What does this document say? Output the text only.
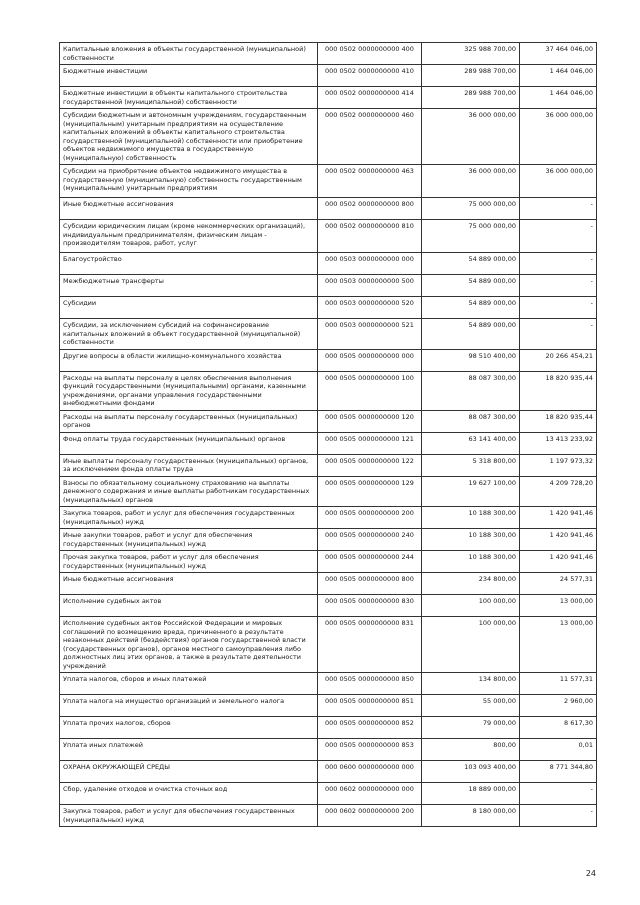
Капитальные вложения в объекты государственной (муниципальной) собственности	000 0502 0000000000 400	325 988 700,00	37 464 046,00
Бюджетные инвестиции	000 0502 0000000000 410	289 988 700,00	1 464 046,00
Бюджетные инвестиции в объекты капитального строительства государственной (муниципальной) собственности	000 0502 0000000000 414	289 988 700,00	1 464 046,00
Субсидии бюджетным и автономным учреждениям, государственным (муниципальным) унитарным предприятиям на осуществление капитальных вложений в объекты капитального строительства государственной (муниципальной) собственности или приобретение объектов недвижимого имущества в государственную (муниципальную) собственность	000 0502 0000000000 460	36 000 000,00	36 000 000,00
Субсидии на приобретение объектов недвижимого имущества в государственную (муниципальную) собственность государственным (муниципальным) унитарным предприятиям	000 0502 0000000000 463	36 000 000,00	36 000 000,00
Иные бюджетные ассигнования	000 0502 0000000000 800	75 000 000,00	-
Субсидии юридическим лицам (кроме некоммерческих организаций), индивидуальным предпринимателям, физическим лицам - производителям товаров, работ, услуг	000 0502 0000000000 810	75 000 000,00	-
Благоустройство	000 0503 0000000000 000	54 889 000,00	-
Межбюджетные трансферты	000 0503 0000000000 500	54 889 000,00	-
Субсидии	000 0503 0000000000 520	54 889 000,00	-
Субсидии, за исключением субсидий на софинансирование капитальных вложений в объект государственной (муниципальной) собственности	000 0503 0000000000 521	54 889 000,00	-
Другие вопросы в области жилищно-коммунального хозяйства	000 0505 0000000000 000	98 510 400,00	20 266 454,21
Расходы на выплаты персоналу в целях обеспечения выполнения функций государственными (муниципальными) органами, казенными учреждениями, органами управления государственными внебюджетными фондами	000 0505 0000000000 100	88 087 300,00	18 820 935,44
Расходы на выплаты персоналу государственных (муниципальных) органов	000 0505 0000000000 120	88 087 300,00	18 820 935,44
Фонд оплаты труда государственных (муниципальных) органов	000 0505 0000000000 121	63 141 400,00	13 413 233,92
Иные выплаты персоналу государственных (муниципальных) органов, за исключением фонда оплаты труда	000 0505 0000000000 122	5 318 800,00	1 197 973,32
Взносы по обязательному социальному страхованию на выплаты денежного содержания и иные выплаты работникам государственных (муниципальных) органов	000 0505 0000000000 129	19 627 100,00	4 209 728,20
Закупка товаров, работ и услуг для обеспечения государственных (муниципальных) нужд	000 0505 0000000000 200	10 188 300,00	1 420 941,46
Иные закупки товаров, работ и услуг для обеспечения государственных (муниципальных) нужд	000 0505 0000000000 240	10 188 300,00	1 420 941,46
Прочая закупка товаров, работ и услуг для обеспечения государственных (муниципальных) нужд	000 0505 0000000000 244	10 188 300,00	1 420 941,46
Иные бюджетные ассигнования	000 0505 0000000000 800	234 800,00	24 577,31
Исполнение судебных актов	000 0505 0000000000 830	100 000,00	13 000,00
Исполнение судебных актов Российской Федерации и мировых соглашений по возмещению вреда, причиненного в результате незаконных действий (бездействия) органов государственной власти (государственных органов), органов местного самоуправления либо должностных лиц этих органов, а также в результате деятельности учреждений	000 0505 0000000000 831	100 000,00	13 000,00
Уплата налогов, сборов и иных платежей	000 0505 0000000000 850	134 800,00	11 577,31
Уплата налога на имущество организаций и земельного налога	000 0505 0000000000 851	55 000,00	2 960,00
Уплата прочих налогов, сборов	000 0505 0000000000 852	79 000,00	8 617,30
Уплата иных платежей	000 0505 0000000000 853	800,00	0,01
ОХРАНА ОКРУЖАЮЩЕЙ СРЕДЫ	000 0600 0000000000 000	103 093 400,00	8 771 344,80
Сбор, удаление отходов и очистка сточных вод	000 0602 0000000000 000	18 889 000,00	-
Закупка товаров, работ и услуг для обеспечения государственных (муниципальных) нужд	000 0602 0000000000 200	8 180 000,00	-
24
